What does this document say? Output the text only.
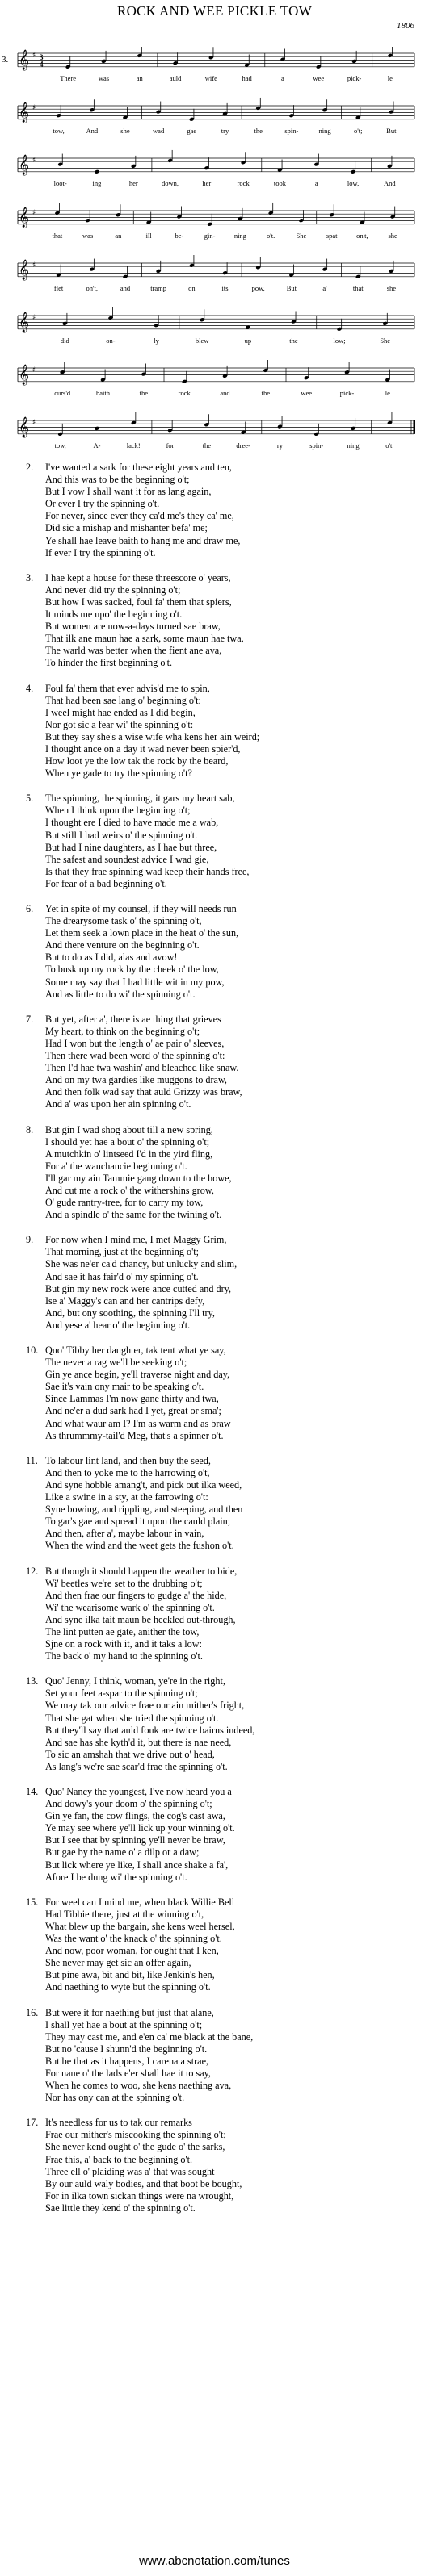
ROCK AND WEE PICKLE TOW
1806
𝄞 ♯
3.	3
4
There	was	an	auld	wife	had	a	wee	pick-	le
𝄞 ♯
tow,	And	she	wad	gae	try	the	spin-	ning	o't;	But
𝄞 ♯
loot-	ing	her	down,	her	rock	took	a	low,	And
𝄞 ♯
that	was	an	ill	be-	gin-	ning	o't.	She	spat	on't,	she
𝄞 ♯
flet	on't,	and	tramp	on	its	pow,	But	a'	that	she
𝄞 ♯
did	on-	ly	blew	up	the	low;	She
𝄞 ♯
curs'd	baith	the	rock	and	the	wee	pick-	le
𝄞 ♯
tow,	A-	lack!	for	the	dree-	ry	spin-	ning	o't.
2.	I've wanted a sark for these eight years and ten,
And this was to be the beginning o't;
But I vow I shall want it for as lang again,
Or ever I try the spinning o't.
For never, since ever they ca'd me's they ca' me,
Did sic a mishap and mishanter befa' me;
Ye shall hae leave baith to hang me and draw me,
If ever I try the spinning o't.
3.	I hae kept a house for these threescore o' years,
And never did try the spinning o't;
But how I was sacked, foul fa' them that spiers,
It minds me upo' the beginning o't.
But women are now-a-days turned sae braw,
That ilk ane maun hae a sark, some maun hae twa,
The warld was better when the fient ane ava,
To hinder the first beginning o't.
4.	Foul fa' them that ever advis'd me to spin,
That had been sae lang o' beginning o't;
I weel might hae ended as I did begin,
Nor got sic a fear wi' the spinning o't:
But they say she's a wise wife wha kens her ain weird;
I thought ance on a day it wad never been spier'd,
How loot ye the low tak the rock by the beard,
When ye gade to try the spinning o't?
5.	The spinning, the spinning, it gars my heart sab,
When I think upon the beginning o't;
I thought ere I died to have made me a wab,
But still I had weirs o' the spinning o't.
But had I nine daughters, as I hae but three,
The safest and soundest advice I wad gie,
Is that they frae spinning wad keep their hands free,
For fear of a bad beginning o't.
6.	Yet in spite of my counsel, if they will needs run
The drearysome task o' the spinning o't,
Let them seek a lown place in the heat o' the sun,
And there venture on the beginning o't.
But to do as I did, alas and avow!
To busk up my rock by the cheek o' the low,
Some may say that I had little wit in my pow,
And as little to do wi' the spinning o't.
7.	But yet, after a', there is ae thing that grieves
My heart, to think on the beginning o't;
Had I won but the length o' ae pair o' sleeves,
Then there wad been word o' the spinning o't:
Then I'd hae twa washin' and bleached like snaw.
And on my twa gardies like muggons to draw,
And then folk wad say that auld Grizzy was braw,
And a' was upon her ain spinning o't.
8.	But gin I wad shog about till a new spring,
I should yet hae a bout o' the spinning o't;
A mutchkin o' lintseed I'd in the yird fling,
For a' the wanchancie beginning o't.
I'll gar my ain Tammie gang down to the howe,
And cut me a rock o' the withershins grow,
O' gude rantry-tree, for to carry my tow,
And a spindle o' the same for the twining o't.
9.	For now when I mind me, I met Maggy Grim,
That morning, just at the beginning o't;
She was ne'er ca'd chancy, but unlucky and slim,
And sae it has fair'd o' my spinning o't.
But gin my new rock were ance cutted and dry,
Ise a' Maggy's can and her cantrips defy,
And, but ony soothing, the spinning I'll try,
And yese a' hear o' the beginning o't.
10. Quo' Tibby her daughter, tak tent what ye say,
The never a rag we'll be seeking o't;
Gin ye ance begin, ye'll traverse night and day,
Sae it's vain ony mair to be speaking o't.
Since Lammas I'm now gane thirty and twa,
And ne'er a dud sark had I yet, great or sma';
And what waur am I? I'm as warm and as braw
As thrummmy-tail'd Meg, that's a spinner o't.
11. To labour lint land, and then buy the seed,
And then to yoke me to the harrowing o't,
And syne hobble amang't, and pick out ilka weed,
Like a swine in a sty, at the farrowing o't:
Syne bowing, and rippling, and steeping, and then
To gar's gae and spread it upon the cauld plain;
And then, after a', maybe labour in vain,
When the wind and the weet gets the fushon o't.
12. But though it should happen the weather to bide,
Wi' beetles we're set to the drubbing o't;
And then frae our fingers to gudge a' the hide,
Wi' the wearisome wark o' the spinning o't.
And syne ilka tait maun be heckled out-through,
The lint putten ae gate, anither the tow,
Sjne on a rock with it, and it taks a low:
The back o' my hand to the spinning o't.
13. Quo' Jenny, I think, woman, ye're in the right,
Set your feet a-spar to the spinning o't;
We may tak our advice frae our ain mither's fright,
That she gat when she tried the spinning o't.
But they'll say that auld fouk are twice bairns indeed,
And sae has she kyth'd it, but there is nae need,
To sic an amshah that we drive out o' head,
As lang's we're sae scar'd frae the spinning o't.
14. Quo' Nancy the youngest, I've now heard you a
And dowy's your doom o' the spinning o't;
Gin ye fan, the cow flings, the cog's cast awa,
Ye may see where ye'll lick up your winning o't.
But I see that by spinning ye'll never be braw,
But gae by the name o' a dilp or a daw;
But lick where ye like, I shall ance shake a fa',
Afore I be dung wi' the spinning o't.
15. For weel can I mind me, when black Willie Bell
Had Tibbie there, just at the winning o't,
What blew up the bargain, she kens weel hersel,
Was the want o' the knack o' the spinning o't.
And now, poor woman, for ought that I ken,
She never may get sic an offer again,
But pine awa, bit and bit, like Jenkin's hen,
And naething to wyte but the spinning o't.
16. But were it for naething but just that alane,
I shall yet hae a bout at the spinning o't;
They may cast me, and e'en ca' me black at the bane,
But no 'cause I shunn'd the beginning o't.
But be that as it happens, I carena a strae,
For nane o' the lads e'er shall hae it to say,
When he comes to woo, she kens naething ava,
Nor has ony can at the spinning o't.
17. It's needless for us to tak our remarks
Frae our mither's miscooking the spinning o't;
She never kend ought o' the gude o' the sarks,
Frae this, a' back to the beginning o't.
Three ell o' plaiding was a' that was sought
By our auld waly bodies, and that boot be bought,
For in ilka town sickan things were na wrought,
Sae little they kend o' the spinning o't.
www.abcnotation.com/tunes
